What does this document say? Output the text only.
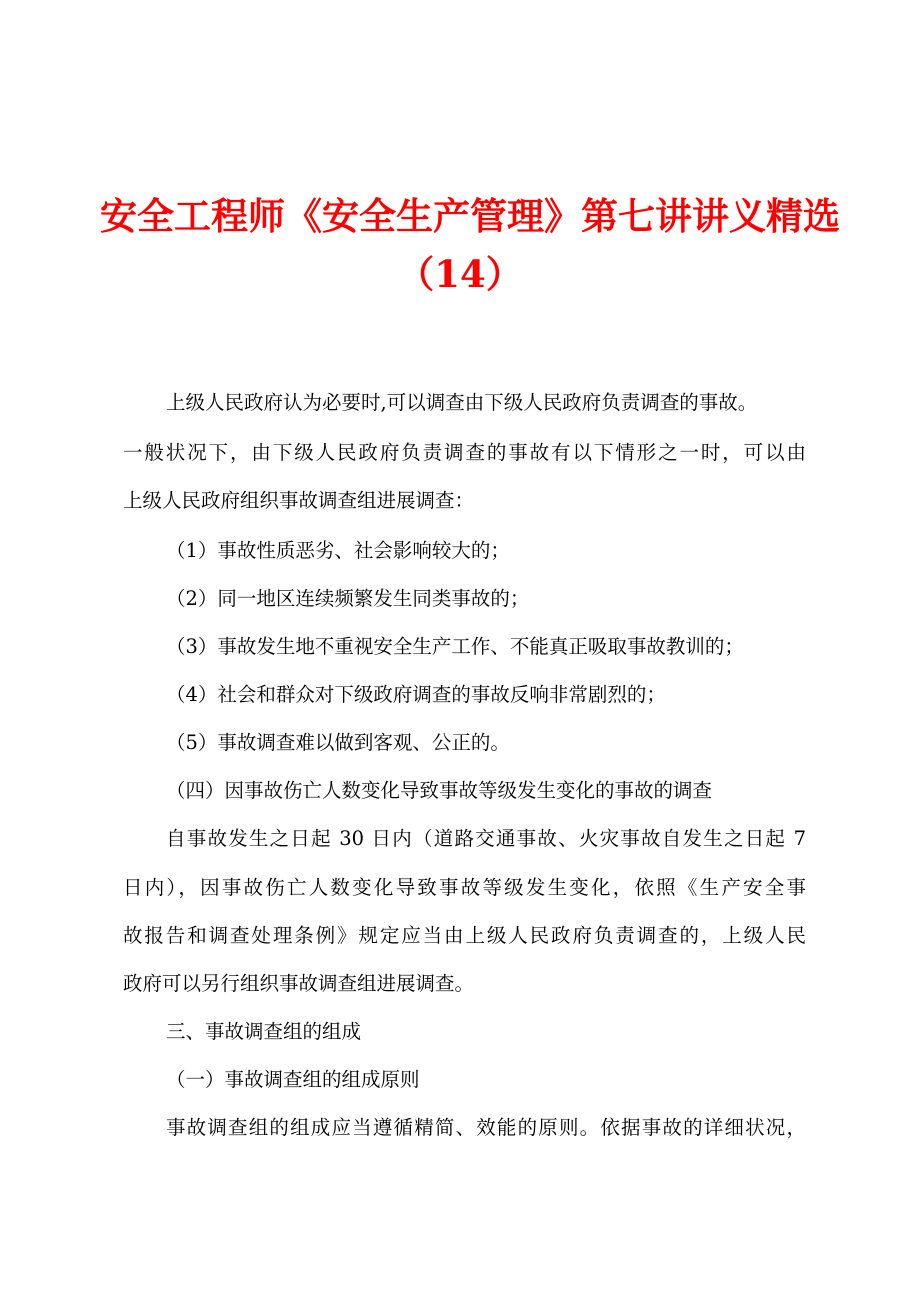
安全工程师《安全生产管理》第七讲讲义精选
（14）
上级人民政府认为必要时,可以调查由下级人民政府负责调查的事故。
一般状况下，由下级人民政府负责调查的事故有以下情形之一时，可以由
上级人民政府组织事故调查组进展调查：
（1）事故性质恶劣、社会影响较大的；
（2）同一地区连续频繁发生同类事故的；
（3）事故发生地不重视安全生产工作、不能真正吸取事故教训的；
（4）社会和群众对下级政府调查的事故反响非常剧烈的；
（5）事故调查难以做到客观、公正的。
（四）因事故伤亡人数变化导致事故等级发生变化的事故的调查
自事故发生之日起 30 日内（道路交通事故、火灾事故自发生之日起 7
日内），因事故伤亡人数变化导致事故等级发生变化，依照《生产安全事
故报告和调查处理条例》规定应当由上级人民政府负责调查的，上级人民
政府可以另行组织事故调查组进展调查。
三、事故调查组的组成
（一）事故调查组的组成原则
事故调查组的组成应当遵循精简、效能的原则。依据事故的详细状况，
